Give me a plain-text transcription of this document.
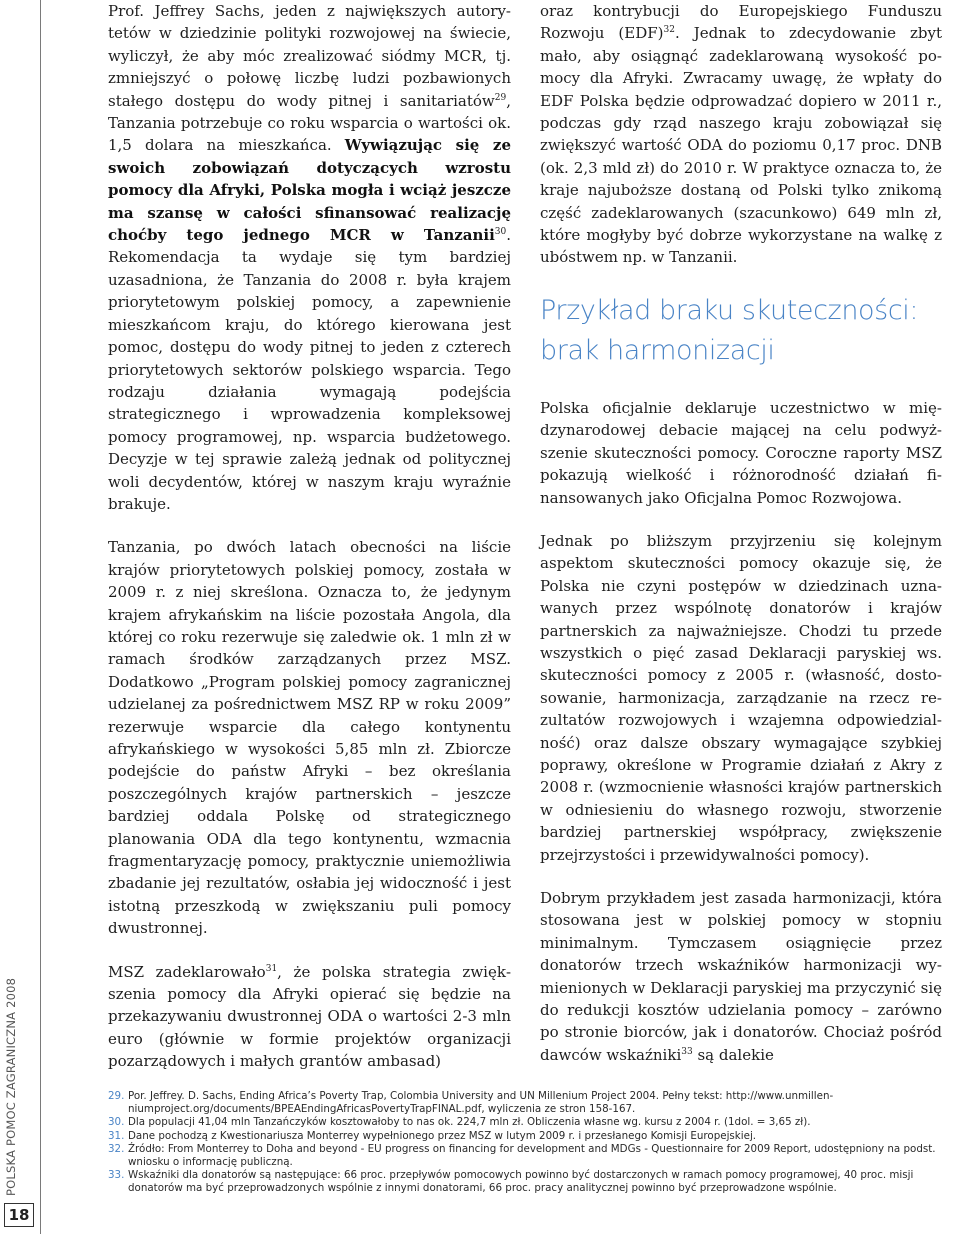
POLSKA POMOC ZAGRANICZNA 2008
18

Prof. Jeffrey Sachs, jeden z największych autorytetów w dziedzinie polityki rozwojowej na świecie, wyliczył, że aby móc zrealizować siódmy MCR, tj. zmniejszyć o połowę liczbę ludzi pozbawionych stałego dostępu do wody pitnej i sanitariatów$^{29}$, Tanzania potrzebuje co roku wsparcia o wartości ok. 1,5 dolara na mieszkańca. Wywiązując się ze swoich zobowiązań dotyczących wzrostu pomocy dla Afryki, Polska mogła i wciąż jeszcze ma szansę w całości sfinansować realizację choćby tego jednego MCR w Tanzanii$^{30}$. Rekomendacja ta wydaje się tym bardziej uzasadniona, że Tanzania do 2008 r. była krajem priorytetowym polskiej pomocy, a zapewnienie mieszkańcom kraju, do którego kierowana jest pomoc, dostępu do wody pitnej to jeden z czterech priorytetowych sektorów polskiego wsparcia. Tego rodzaju działania wymagają podejścia strategicznego i wprowadzenia kompleksowej pomocy programowej, np. wsparcia budżetowego. Decyzje w tej sprawie zależą jednak od politycznej woli decydentów, której w naszym kraju wyraźnie brakuje.

Tanzania, po dwóch latach obecności na liście krajów priorytetowych polskiej pomocy, została w 2009 r. z niej skreślona. Oznacza to, że jedynym krajem afrykańskim na liście pozostała Angola, dla której co roku rezerwuje się zaledwie ok. 1 mln zł w ramach środków zarządzanych przez MSZ. Dodatkowo „Program polskiej pomocy zagranicznej udzielanej za pośrednictwem MSZ RP w roku 2009” rezerwuje wsparcie dla całego kontynentu afrykańskiego w wysokości 5,85 mln zł. Zbiorcze podejście do państw Afryki – bez określania poszczególnych krajów partnerskich – jeszcze bardziej oddala Polskę od strategicznego planowania ODA dla tego kontynentu, wzmacnia fragmentaryzację pomocy, praktycznie uniemożliwia zbadanie jej rezultatów, osłabia jej widoczność i jest istotną przeszkodą w zwiększaniu puli pomocy dwustronnej.

MSZ zadeklarowało$^{31}$, że polska strategia zwiększenia pomocy dla Afryki opierać się będzie na przekazywaniu dwustronnej ODA o wartości 2-3 mln euro (głównie w formie projektów organizacji pozarządowych i małych grantów ambasad)

oraz kontrybucji do Europejskiego Funduszu Rozwoju (EDF)$^{32}$. Jednak to zdecydowanie zbyt mało, aby osiągnąć zadeklarowaną wysokość pomocy dla Afryki. Zwracamy uwagę, że wpłaty do EDF Polska będzie odprowadzać dopiero w 2011 r., podczas gdy rząd naszego kraju zobowiązał się zwiększyć wartość ODA do poziomu 0,17 proc. DNB (ok. 2,3 mld zł) do 2010 r. W praktyce oznacza to, że kraje najuboższe dostaną od Polski tylko znikomą część zadeklarowanych (szacunkowo) 649 mln zł, które mogłyby być dobrze wykorzystane na walkę z ubóstwem np. w Tanzanii.

Przykład braku skuteczności: brak harmonizacji

Polska oficjalnie deklaruje uczestnictwo w międzynarodowej debacie mającej na celu podwyższenie skuteczności pomocy. Coroczne raporty MSZ pokazują wielkość i różnorodność działań finansowanych jako Oficjalna Pomoc Rozwojowa.

Jednak po bliższym przyjrzeniu się kolejnym aspektom skuteczności pomocy okazuje się, że Polska nie czyni postępów w dziedzinach uznawanych przez wspólnotę donatorów i krajów partnerskich za najważniejsze. Chodzi tu przede wszystkich o pięć zasad Deklaracji paryskiej ws. skuteczności pomocy z 2005 r. (własność, dostosowanie, harmonizacja, zarządzanie na rzecz rezultatów rozwojowych i wzajemna odpowiedzialność) oraz dalsze obszary wymagające szybkiej poprawy, określone w Programie działań z Akry z 2008 r. (wzmocnienie własności krajów partnerskich w odniesieniu do własnego rozwoju, stworzenie bardziej partnerskiej współpracy, zwiększenie przejrzystości i przewidywalności pomocy).

Dobrym przykładem jest zasada harmonizacji, która stosowana jest w polskiej pomocy w stopniu minimalnym. Tymczasem osiągnięcie przez donatorów trzech wskaźników harmonizacji wymienionych w Deklaracji paryskiej ma przyczynić się do redukcji kosztów udzielania pomocy – zarówno po stronie biorców, jak i donatorów. Chociaż pośród dawców wskaźniki$^{33}$ są dalekie

29. Por. Jeffrey. D. Sachs, Ending Africa’s Poverty Trap, Colombia University and UN Millenium Project 2004. Pełny tekst: http://www.unmillenniumproject.org/documents/BPEAEndingAfricasPovertyTrapFINAL.pdf, wyliczenia ze stron 158-167.
30. Dla populacji 41,04 mln Tanzańczyków kosztowałoby to nas ok. 224,7 mln zł. Obliczenia własne wg. kursu z 2004 r. (1dol. = 3,65 zł).
31. Dane pochodzą z Kwestionariusza Monterrey wypełnionego przez MSZ w lutym 2009 r. i przesłanego Komisji Europejskiej.
32. Źródło: From Monterrey to Doha and beyond - EU progress on financing for development and MDGs - Questionnaire for 2009 Report, udostępniony na podst. wniosku o informację publiczną.
33. Wskaźniki dla donatorów są następujące: 66 proc. przepływów pomocowych powinno być dostarczonych w ramach pomocy programowej, 40 proc. misji donatorów ma być przeprowadzonych wspólnie z innymi donatorami, 66 proc. pracy analitycznej powinno być przeprowadzone wspólnie.
